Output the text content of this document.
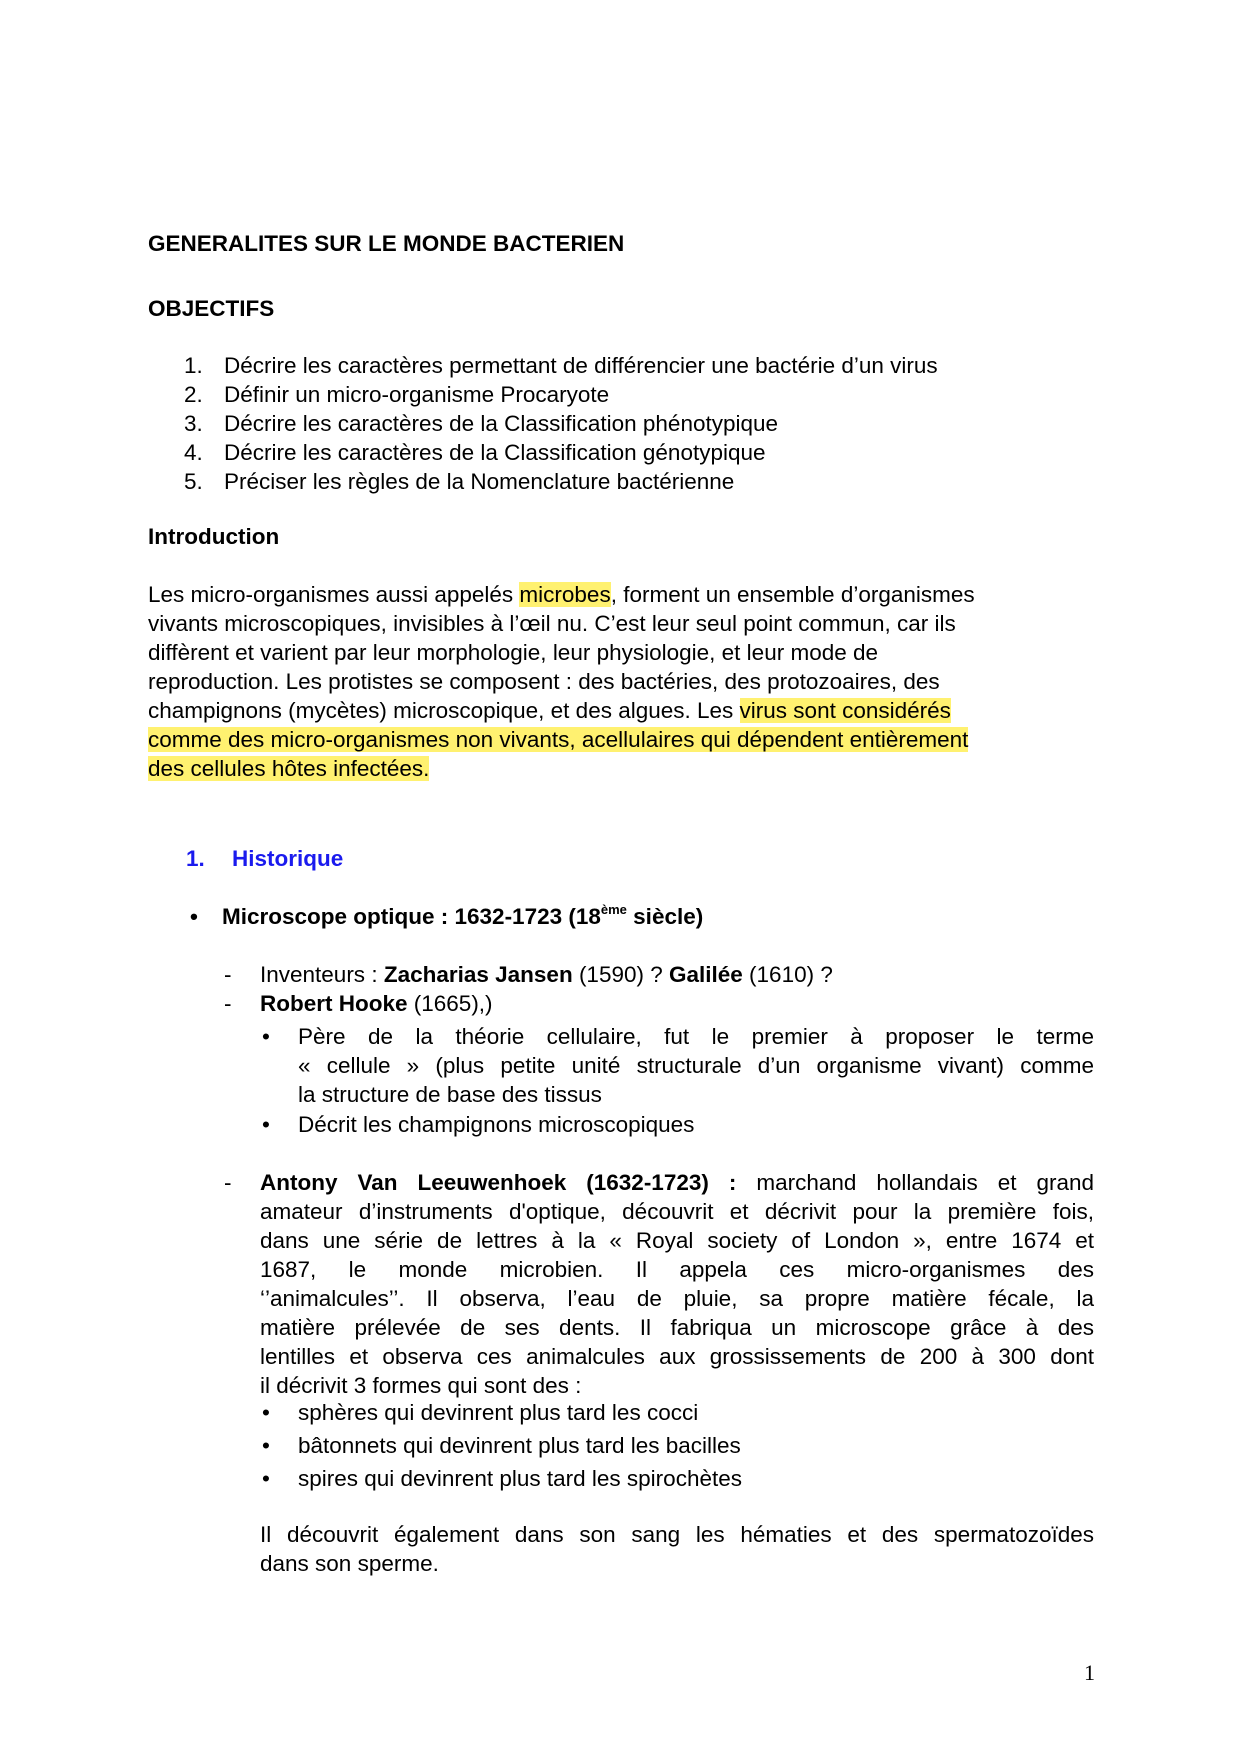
GENERALITES SUR LE MONDE BACTERIEN
OBJECTIFS
1. Décrire les caractères permettant de différencier une bactérie d’un virus
2. Définir un micro-organisme Procaryote
3. Décrire les caractères de la Classification phénotypique
4. Décrire les caractères de la Classification génotypique
5. Préciser les règles de la Nomenclature bactérienne
Introduction
Les micro-organismes aussi appelés microbes, forment un ensemble d’organismes
vivants microscopiques, invisibles à l’œil nu. C’est leur seul point commun, car ils
diffèrent et varient par leur morphologie, leur physiologie, et leur mode de
reproduction. Les protistes se composent : des bactéries, des protozoaires, des
champignons (mycètes) microscopique, et des algues. Les virus sont considérés
comme des micro-organismes non vivants, acellulaires qui dépendent entièrement
des cellules hôtes infectées.
1. Historique
• Microscope optique : 1632-1723 (18ème siècle)
- Inventeurs : Zacharias Jansen (1590) ? Galilée (1610) ?
- Robert Hooke (1665),)
• Père de la théorie cellulaire, fut le premier à proposer le terme
« cellule » (plus petite unité structurale d’un organisme vivant) comme
la structure de base des tissus
• Décrit les champignons microscopiques
- Antony Van Leeuwenhoek (1632-1723) : marchand hollandais et grand
amateur d’instruments d'optique, découvrit et décrivit pour la première fois,
dans une série de lettres à la « Royal society of London », entre 1674 et
1687, le monde microbien. Il appela ces micro-organismes des
‘’animalcules’’. Il observa, l’eau de pluie, sa propre matière fécale, la
matière prélevée de ses dents. Il fabriqua un microscope grâce à des
lentilles et observa ces animalcules aux grossissements de 200 à 300 dont
il décrivit 3 formes qui sont des :
• sphères qui devinrent plus tard les cocci
• bâtonnets qui devinrent plus tard les bacilles
• spires qui devinrent plus tard les spirochètes
Il découvrit également dans son sang les hématies et des spermatozoïdes
dans son sperme.
1
